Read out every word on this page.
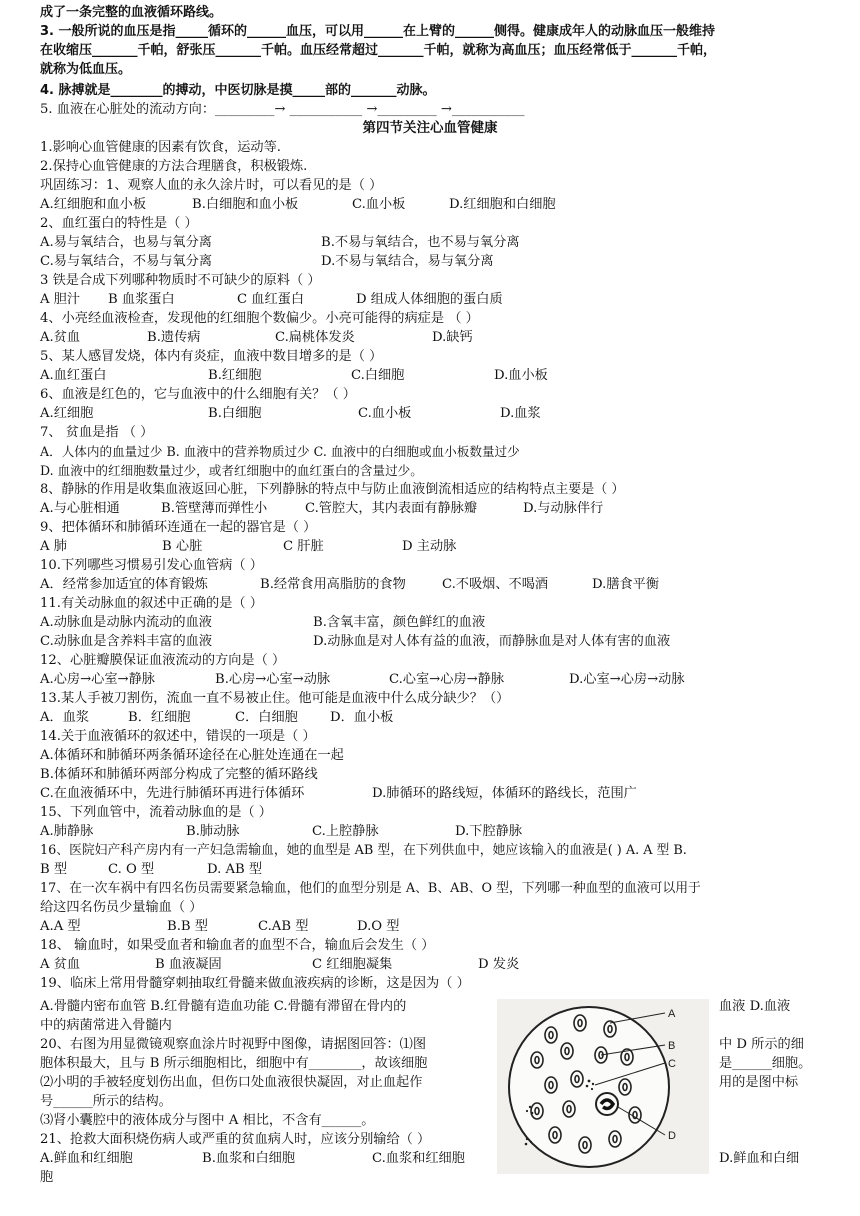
成了一条完整的血液循环路线。
3. 一般所说的血压是指_____循环的______血压，可以用______在上臂的______侧得。健康成年人的动脉血压一般维持
在收缩压_______千帕，舒张压_______千帕。血压经常超过_______千帕，就称为高血压；血压经常低于_______千帕，
就称为低血压。
4. 脉搏就是________的搏动，中医切脉是摸_____部的_______动脉。
5. 血液在心脏处的流动方向：_________→ ___________ →_________ →___________
第四节关注心血管健康
1.影响心血管健康的因素有饮食，运动等.
2.保持心血管健康的方法合理膳食，积极锻炼.
巩固练习：1、观察人血的永久涂片时，可以看见的是（ ）
A.红细胞和血小板	B.白细胞和血小板	C.血小板	D.红细胞和白细胞
2、血红蛋白的特性是（ ）
A.易与氧结合，也易与氧分离	B.不易与氧结合，也不易与氧分离
C.易与氧结合，不易与氧分离	D.不易与氧结合，易与氧分离
3 铁是合成下列哪种物质时不可缺少的原料（ ）
A 胆汁 B 血浆蛋白	C 血红蛋白	D 组成人体细胞的蛋白质
4、小亮经血液检查，发现他的红细胞个数偏少。小亮可能得的病症是 （ ）
A.贫血	B.遗传病	C.扁桃体发炎	D.缺钙
5、某人感冒发烧，体内有炎症，血液中数目增多的是（ ）
A.血红蛋白	B.红细胞	C.白细胞	D.血小板
6、血液是红色的，它与血液中的什么细胞有关？（ ）
A.红细胞	B.白细胞	C.血小板	D.血浆
7、 贫血是指 （ ）
A．人体内的血量过少 B. 血液中的营养物质过少 C. 血液中的白细胞或血小板数量过少
D. 血液中的红细胞数量过少，或者红细胞中的血红蛋白的含量过少。
8、静脉的作用是收集血液返回心脏，下列静脉的特点中与防止血液倒流相适应的结构特点主要是（ ）
A.与心脏相通	B.管壁薄而弹性小	C.管腔大，其内表面有静脉瓣	D.与动脉伴行
9、把体循环和肺循环连通在一起的器官是（ ）
A 肺	B 心脏	C 肝脏	D 主动脉
10.下列哪些习惯易引发心血管病（ ）
A．经常参加适宜的体育锻炼	B.经常食用高脂肪的食物	C.不吸烟、不喝酒	D.膳食平衡
11.有关动脉血的叙述中正确的是（ ）
A.动脉血是动脉内流动的血液	B.含氧丰富，颜色鲜红的血液
C.动脉血是含养料丰富的血液	D.动脉血是对人体有益的血液，而静脉血是对人体有害的血液
12、心脏瓣膜保证血液流动的方向是（ ）
A.心房→心室→静脉	B.心房→心室→动脉	C.心室→心房→静脉	D.心室→心房→动脉
13.某人手被刀割伤，流血一直不易被止住。他可能是血液中什么成分缺少？（）
A．血浆	B．红细胞	C．白细胞 D．血小板
14.关于血液循环的叙述中，错误的一项是（ ）
A.体循环和肺循环两条循环途径在心脏处连通在一起
B.体循环和肺循环两部分构成了完整的循环路线
C.在血液循环中，先进行肺循环再进行体循环	D.肺循环的路线短，体循环的路线长，范围广
15、下列血管中，流着动脉血的是（ ）
A.肺静脉	B.肺动脉	C.上腔静脉	D.下腔静脉
16、医院妇产科产房内有一产妇急需输血，她的血型是 AB 型，在下列供血中，她应该输入的血液是( ) A. A 型 B.
B 型	C. O 型	D. AB 型
17、在一次车祸中有四名伤员需要紧急输血，他们的血型分别是 A、B、AB、O 型，下列哪一种血型的血液可以用于
给这四名伤员少量输血（ ）
A.A 型	B.B 型	C.AB 型	D.O 型
18、 输血时，如果受血者和输血者的血型不合，输血后会发生（ ）
A 贫血	B 血液凝固	C 红细胞凝集	D 发炎
19、临床上常用骨髓穿刺抽取红骨髓来做血液疾病的诊断，这是因为（ ）
A.骨髓内密布血管 B.红骨髓有造血功能 C.骨髓有滞留在骨内的	血液 D.血液
中的病菌常进入骨髓内
20、右图为用显微镜观察血涂片时视野中图像，请据图回答：⑴图	中 D 所示的细
胞体积最大，且与 B 所示细胞相比，细胞中有________，故该细胞	是______细胞。
⑵小明的手被轻度划伤出血，但伤口处血液很快凝固，对止血起作	用的是图中标
号______所示的结构。
⑶肾小囊腔中的液体成分与图中 A 相比，不含有______。
21、抢救大面积烧伤病人或严重的贫血病人时，应该分别输给（ ）
A.鲜血和红细胞	B.血浆和白细胞	C.血浆和红细胞	D.鲜血和白细
胞
A
B
C
D
